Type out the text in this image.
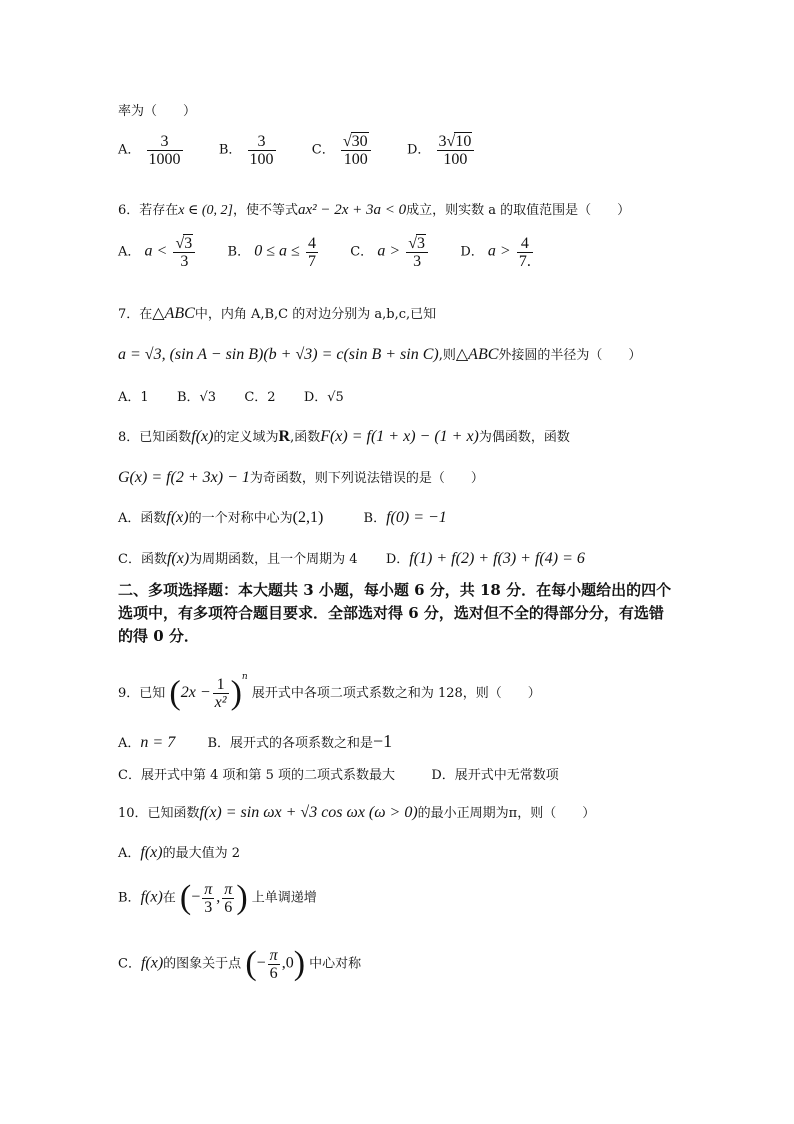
率为（　　）
A． $\frac{3}{1000}$	B． $\frac{3}{100}$	C． $\frac{√30}{100}$	D． $\frac{3√10}{100}$
6．若存在x ∈ (0, 2]，使不等式ax² − 2x + 3a < 0成立，则实数 a 的取值范围是（　　）
A． $a < \frac{√3}{3}$ B． $0 \le a \le \frac{4}{7}$ C． $a > \frac{√3}{3}$ D． $a > \frac{4}{7.}$
7．在△ABC中，内角 A,B,C 的对边分别为 a,b,c,已知
a = √3, (sin A − sin B)(b + √3) = c(sin B + sin C),则△ABC外接圆的半径为（　　）
A．1 B．√3 C．2 D．√5
8．已知函数f(x)的定义域为R,函数F(x) = f(1 + x) − (1 + x)为偶函数，函数
G(x) = f(2 + 3x) − 1为奇函数，则下列说法错误的是（　　）
A．函数f(x)的一个对称中心为(2,1)	B．f(0) = −1
C．函数f(x)为周期函数，且一个周期为 4 D．f(1) + f(2) + f(3) + f(4) = 6
二、多项选择题：本大题共 3 小题，每小题 6 分，共 18 分．在每小题给出的四个选项中，有多项符合题目要求．全部选对得 6 分，选对但不全的得部分分，有选错的得 0 分．
9．已知 $(2x - \frac{1}{\text{x²}} )^n$ 展开式中各项二项式系数之和为 128，则（　　）
A．n = 7 B．展开式的各项系数之和是−1
C．展开式中第 4 项和第 5 项的二项式系数最大	D．展开式中无常数项
10．已知函数f(x) = sin ωx + √3 cos ωx (ω > 0)的最小正周期为π，则（　　）
A．f(x)的最大值为 2
B．f(x)在 (− $\frac{\pi}{3}$ , $\frac{\pi}{6}$ ) 上单调递增
C．f(x)的图象关于点 (− $\frac{\pi}{6} ,0$) 中心对称
